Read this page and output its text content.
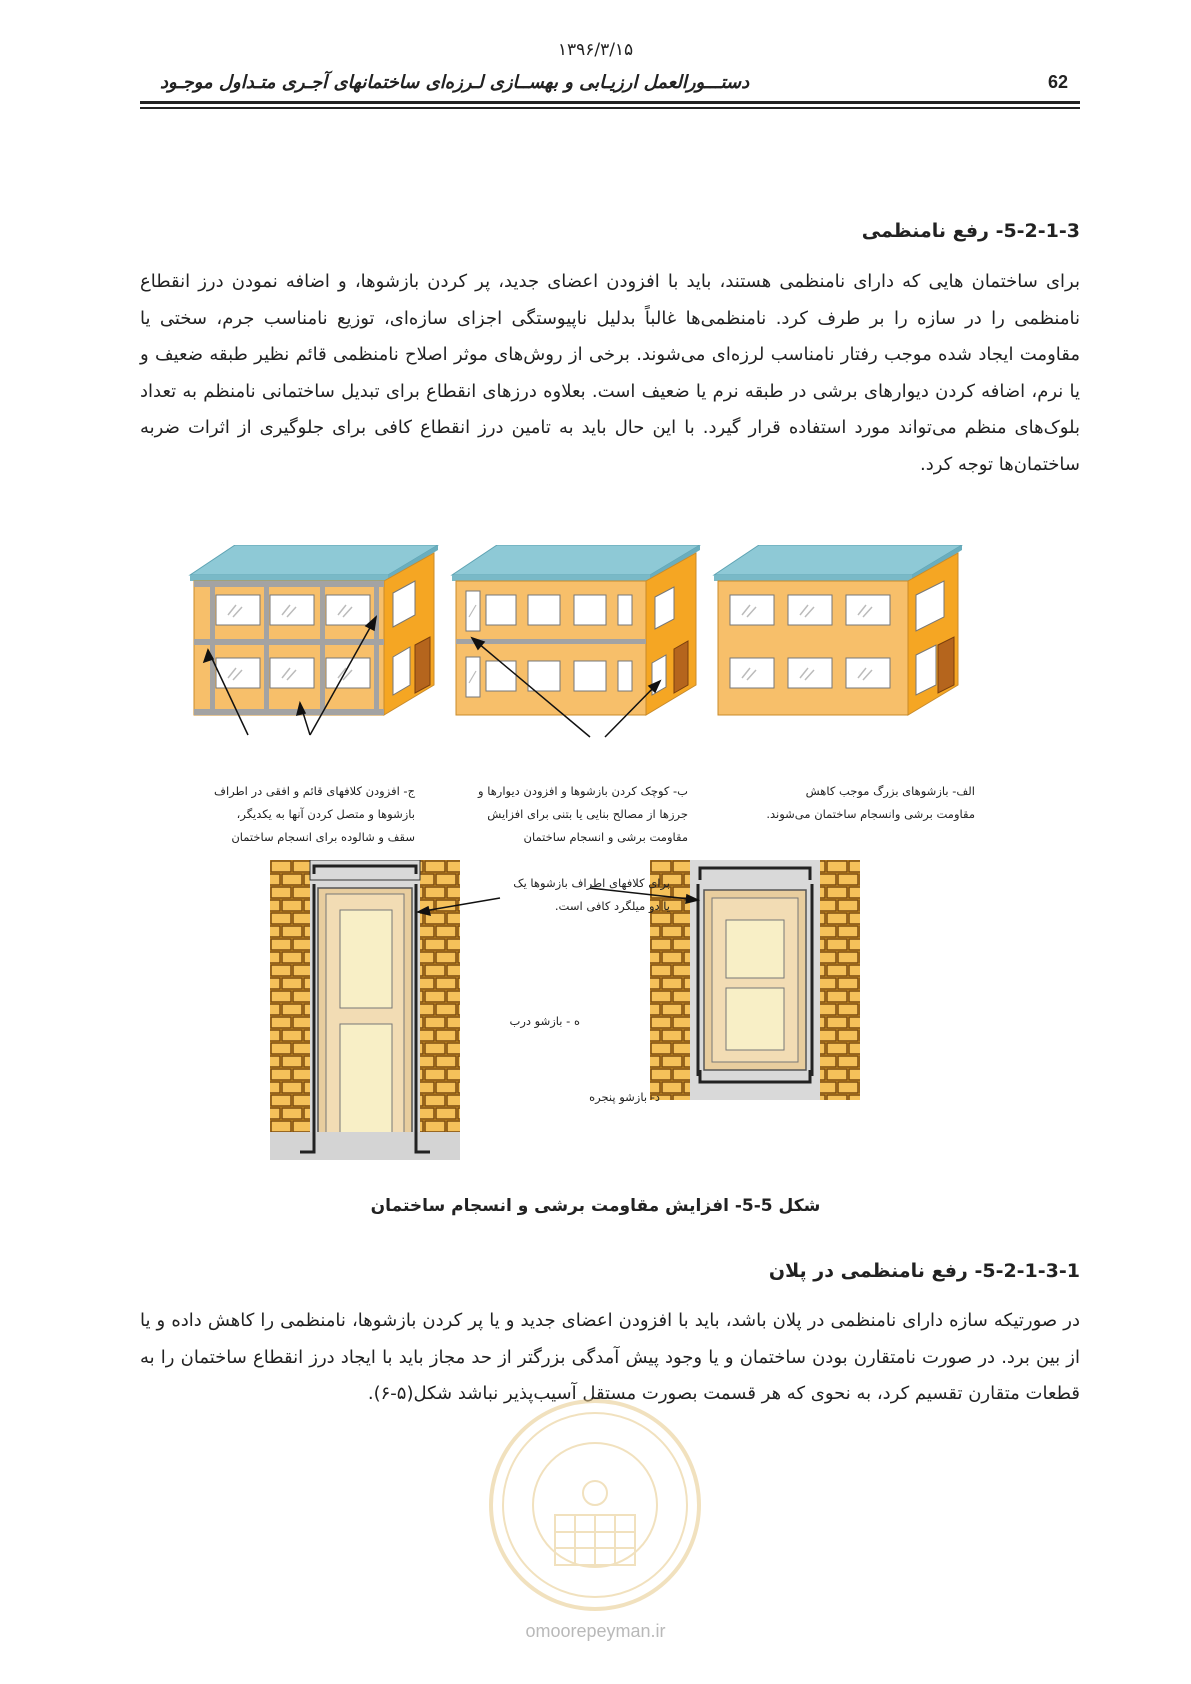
۱۳۹۶/۳/۱۵
دستـــورالعمل ارزیـابی و بهســازی لـرزه‌ای ساختمانهای آجـری متـداول موجـود	62
5-2-1-3- رفع نامنظمی
برای ساختمان هایی که دارای نامنظمی هستند، باید با افزودن اعضای جدید، پر کردن بازشوها، و اضافه نمودن درز انقطاع نامنظمی را در سازه را بر طرف کرد. نامنظمی‌ها غالباً بدلیل ناپیوستگی اجزای سازه‌ای، توزیع نامناسب جرم، سختی یا مقاومت ایجاد شده موجب رفتار نامناسب لرزه‌ای می‌شوند. برخی از روش‌های موثر اصلاح نامنظمی قائم نظیر طبقه ضعیف و یا نرم، اضافه کردن دیوارهای برشی در طبقه نرم یا ضعیف است. بعلاوه درزهای انقطاع برای تبدیل ساختمانی نامنظم به تعداد بلوک‌های منظم می‌تواند مورد استفاده قرار گیرد. با این حال باید به تامین درز انقطاع کافی برای جلوگیری از اثرات ضربه ساختمان‌ها توجه کرد.
ج- افزودن کلافهای قائم و افقی در اطراف
بازشوها و متصل کردن آنها به یکدیگر،
سقف و شالوده برای انسجام ساختمان
ب- کوچک کردن بازشوها و افزودن دیوارها و
جرزها از مصالح بنایی یا بتنی برای افزایش
مقاومت برشی و انسجام ساختمان
الف- بازشوهای بزرگ موجب کاهش
مقاومت برشی وانسجام ساختمان می‌شوند.
برای کلافهای اطراف بازشوها یک
یا دو میلگرد کافی است.
ه - بازشو درب
د- بازشو پنجره
شکل 5-5- افزایش مقاومت برشی و انسجام ساختمان
5-2-1-3-1- رفع نامنظمی در پلان
در صورتیکه سازه دارای نامنظمی در پلان باشد، باید با افزودن اعضای جدید و یا پر کردن بازشوها، نامنظمی را کاهش داده و یا از بین برد. در صورت نامتقارن بودن ساختمان و یا وجود پیش آمدگی بزرگتر از حد مجاز باید با ایجاد درز انقطاع ساختمان را به قطعات متقارن تقسیم کرد، به نحوی که هر قسمت بصورت مستقل آسیب‌پذیر نباشد شکل(۵-۶).
omoorepeyman.ir
